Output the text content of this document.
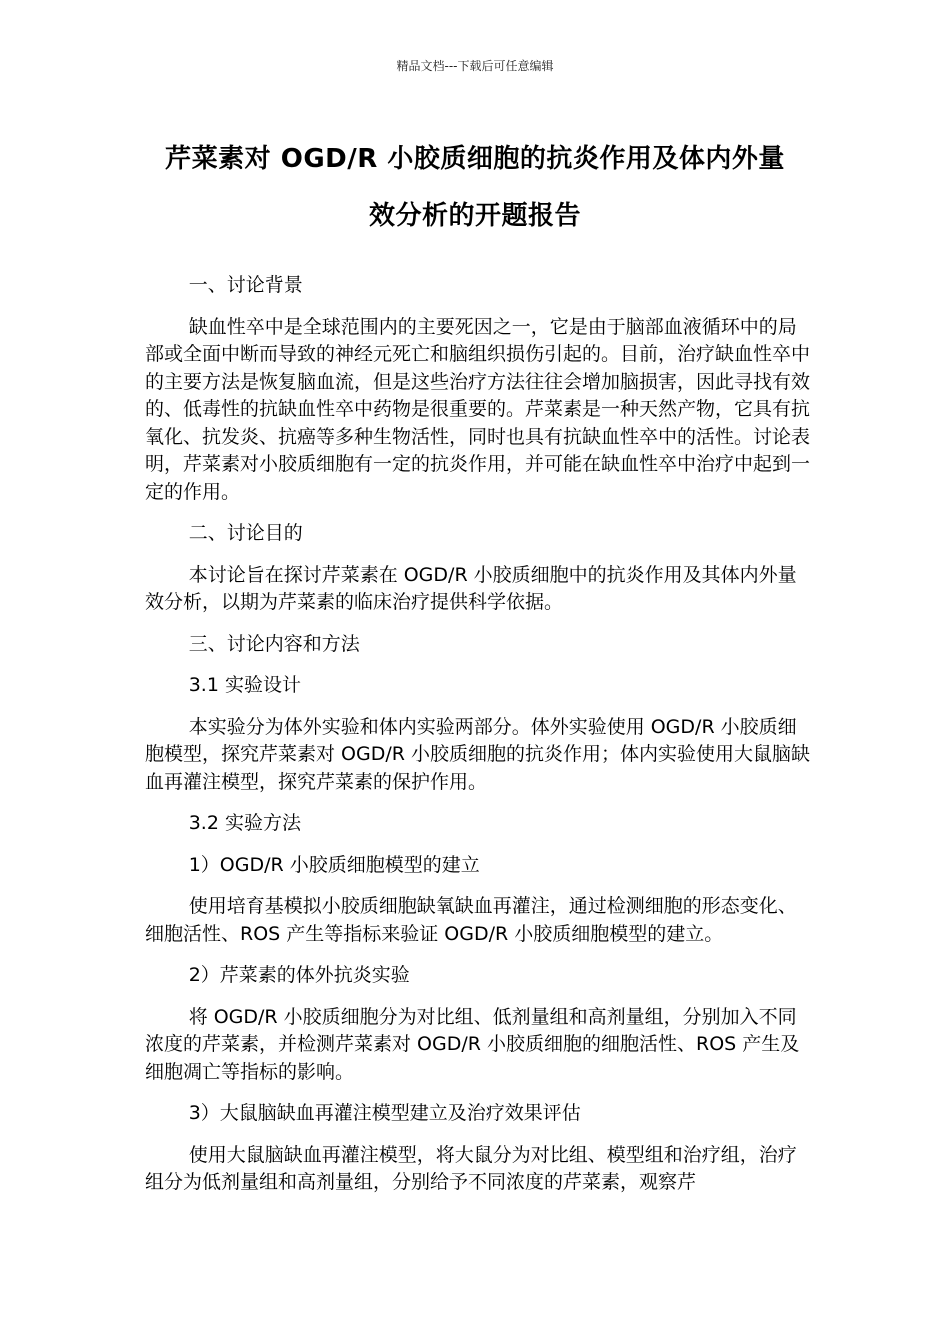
精品文档---下载后可任意编辑
芹菜素对 OGD/R 小胶质细胞的抗炎作用及体内外量
效分析的开题报告

一、讨论背景

缺血性卒中是全球范围内的主要死因之一，它是由于脑部血液循环中的局部或全面中断而导致的神经元死亡和脑组织损伤引起的。目前，治疗缺血性卒中的主要方法是恢复脑血流，但是这些治疗方法往往会增加脑损害，因此寻找有效的、低毒性的抗缺血性卒中药物是很重要的。芹菜素是一种天然产物，它具有抗氧化、抗发炎、抗癌等多种生物活性，同时也具有抗缺血性卒中的活性。讨论表明，芹菜素对小胶质细胞有一定的抗炎作用，并可能在缺血性卒中治疗中起到一定的作用。

二、讨论目的

本讨论旨在探讨芹菜素在 OGD/R 小胶质细胞中的抗炎作用及其体内外量效分析，以期为芹菜素的临床治疗提供科学依据。

三、讨论内容和方法

3.1 实验设计

本实验分为体外实验和体内实验两部分。体外实验使用 OGD/R 小胶质细胞模型，探究芹菜素对 OGD/R 小胶质细胞的抗炎作用；体内实验使用大鼠脑缺血再灌注模型，探究芹菜素的保护作用。

3.2 实验方法

1）OGD/R 小胶质细胞模型的建立

使用培育基模拟小胶质细胞缺氧缺血再灌注，通过检测细胞的形态变化、细胞活性、ROS 产生等指标来验证 OGD/R 小胶质细胞模型的建立。

2）芹菜素的体外抗炎实验

将 OGD/R 小胶质细胞分为对比组、低剂量组和高剂量组，分别加入不同浓度的芹菜素，并检测芹菜素对 OGD/R 小胶质细胞的细胞活性、ROS 产生及细胞凋亡等指标的影响。

3）大鼠脑缺血再灌注模型建立及治疗效果评估

使用大鼠脑缺血再灌注模型，将大鼠分为对比组、模型组和治疗组，治疗组分为低剂量组和高剂量组，分别给予不同浓度的芹菜素，观察芹
